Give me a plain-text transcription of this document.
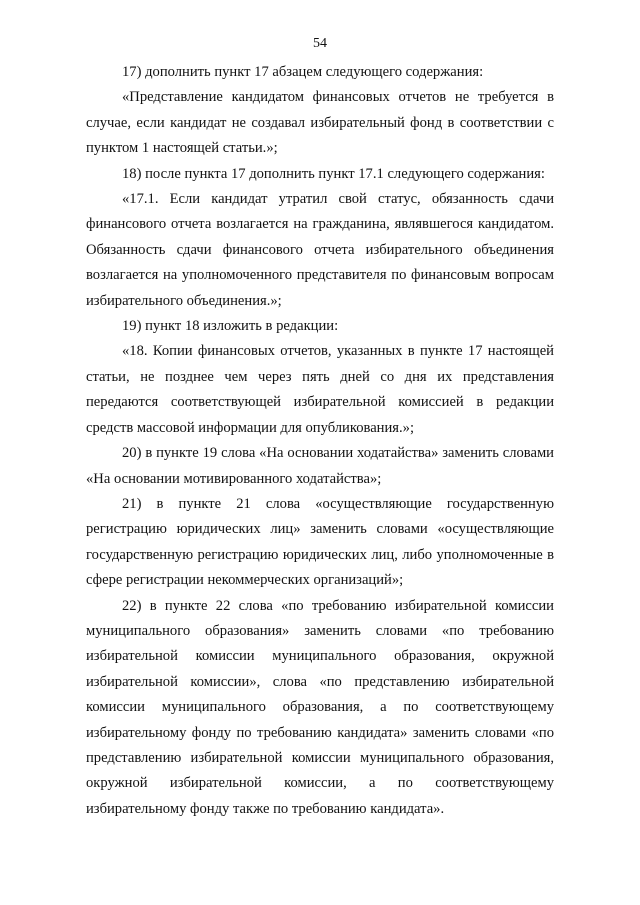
54

17) дополнить пункт 17 абзацем следующего содержания:

«Представление кандидатом финансовых отчетов не требуется в случае, если кандидат не создавал избирательный фонд в соответствии с пунктом 1 настоящей статьи.»;

18) после пункта 17 дополнить пункт 17.1 следующего содержания:

«17.1. Если кандидат утратил свой статус, обязанность сдачи финансового отчета возлагается на гражданина, являвшегося кандидатом. Обязанность сдачи финансового отчета избирательного объединения возлагается на уполномоченного представителя по финансовым вопросам избирательного объединения.»;

19) пункт 18 изложить в редакции:

«18. Копии финансовых отчетов, указанных в пункте 17 настоящей статьи, не позднее чем через пять дней со дня их представления передаются соответствующей избирательной комиссией в редакции средств массовой информации для опубликования.»;

20) в пункте 19 слова «На основании ходатайства» заменить словами «На основании мотивированного ходатайства»;

21) в пункте 21 слова «осуществляющие государственную регистрацию юридических лиц» заменить словами «осуществляющие государственную регистрацию юридических лиц, либо уполномоченные в сфере регистрации некоммерческих организаций»;

22) в пункте 22 слова «по требованию избирательной комиссии муниципального образования» заменить словами «по требованию избирательной комиссии муниципального образования, окружной избирательной комиссии», слова «по представлению избирательной комиссии муниципального образования, а по соответствующему избирательному фонду по требованию кандидата» заменить словами «по представлению избирательной комиссии муниципального образования, окружной избирательной комиссии, а по соответствующему избирательному фонду также по требованию кандидата».
